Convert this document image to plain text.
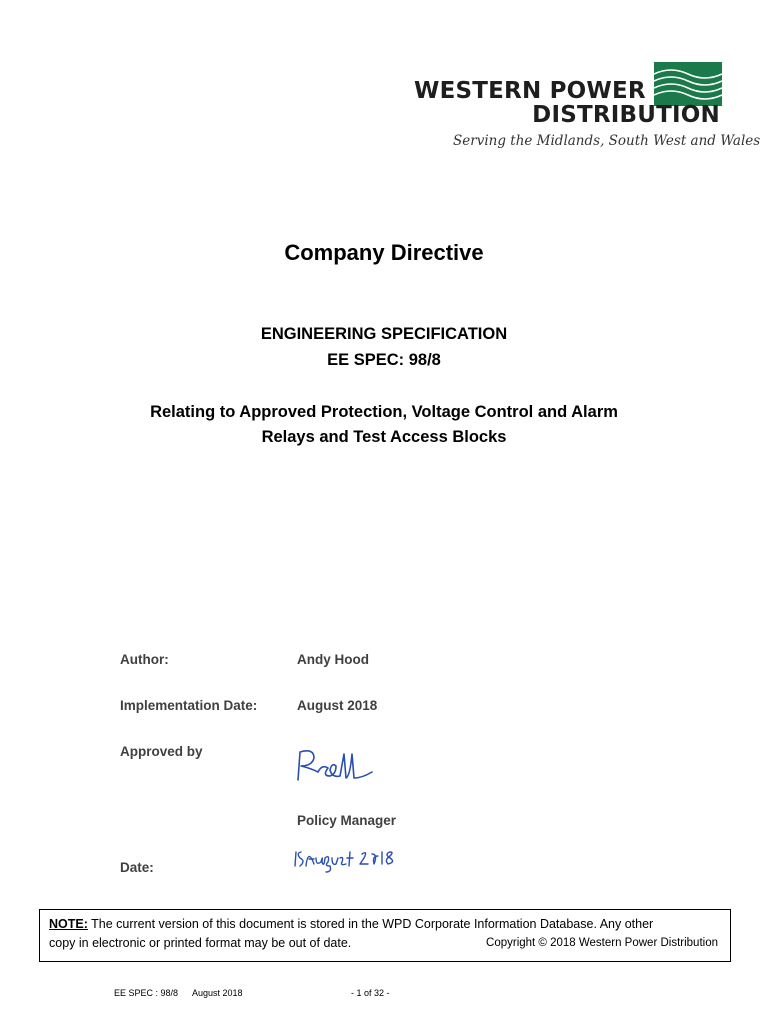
WESTERN POWER
DISTRIBUTION
Serving the Midlands, South West and Wales
Company Directive
ENGINEERING SPECIFICATION
EE SPEC: 98/8
Relating to Approved Protection, Voltage Control and Alarm
Relays and Test Access Blocks
Author:	Andy Hood
Implementation Date:	August 2018
Approved by
Policy Manager
Date:
NOTE: The current version of this document is stored in the WPD Corporate Information Database. Any other
copy in electronic or printed format may be out of date.	Copyright © 2018 Western Power Distribution
EE SPEC : 98/8 August 2018	- 1 of 32 -
